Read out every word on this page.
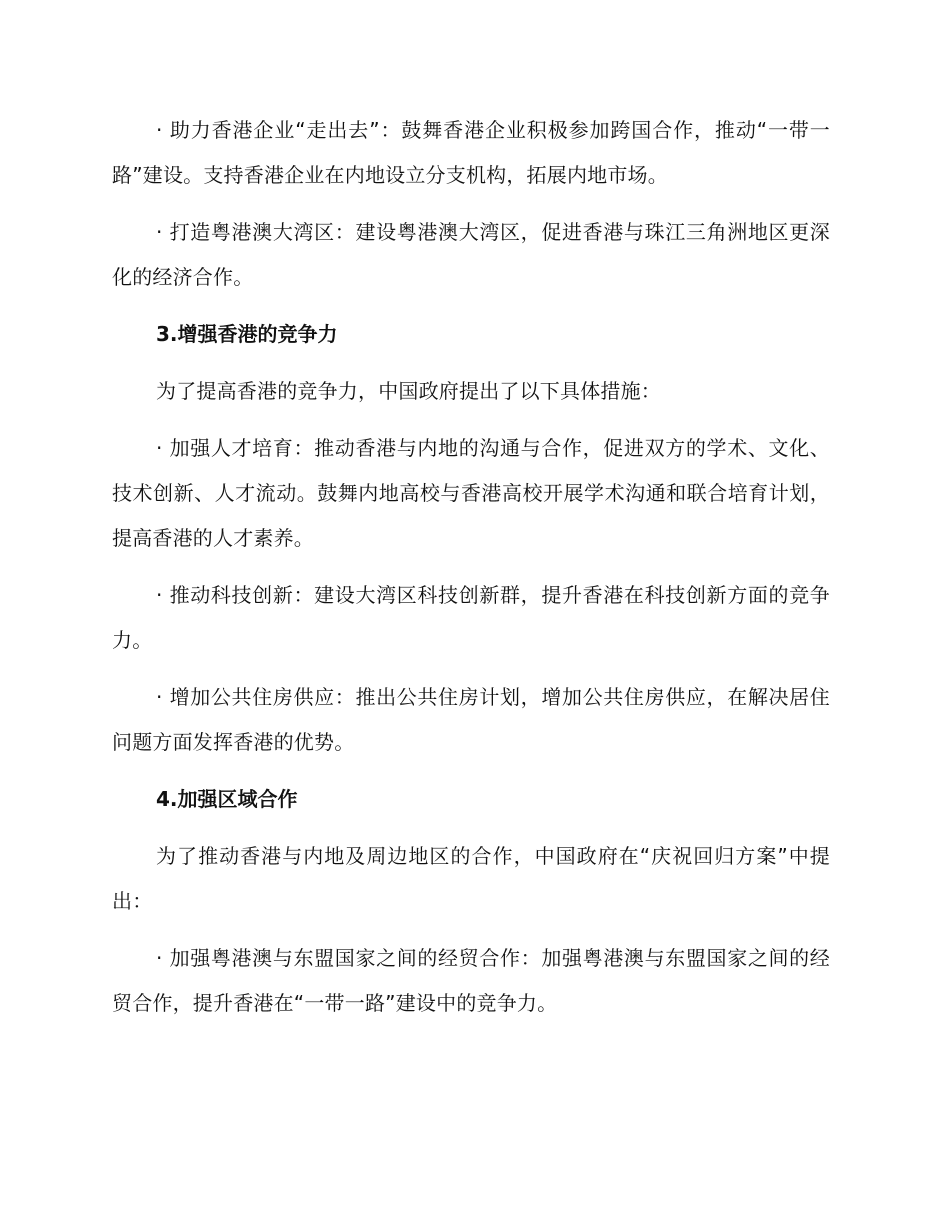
· 助力香港企业“走出去”：鼓舞香港企业积极参加跨国合作，推动“一带一路”建设。支持香港企业在内地设立分支机构，拓展内地市场。

· 打造粤港澳大湾区：建设粤港澳大湾区，促进香港与珠江三角洲地区更深化的经济合作。

3.增强香港的竞争力

为了提高香港的竞争力，中国政府提出了以下具体措施：

· 加强人才培育：推动香港与内地的沟通与合作，促进双方的学术、文化、技术创新、人才流动。鼓舞内地高校与香港高校开展学术沟通和联合培育计划，提高香港的人才素养。

· 推动科技创新：建设大湾区科技创新群，提升香港在科技创新方面的竞争力。

· 增加公共住房供应：推出公共住房计划，增加公共住房供应，在解决居住问题方面发挥香港的优势。

4.加强区域合作

为了推动香港与内地及周边地区的合作，中国政府在“庆祝回归方案”中提出：

· 加强粤港澳与东盟国家之间的经贸合作：加强粤港澳与东盟国家之间的经贸合作，提升香港在“一带一路”建设中的竞争力。
